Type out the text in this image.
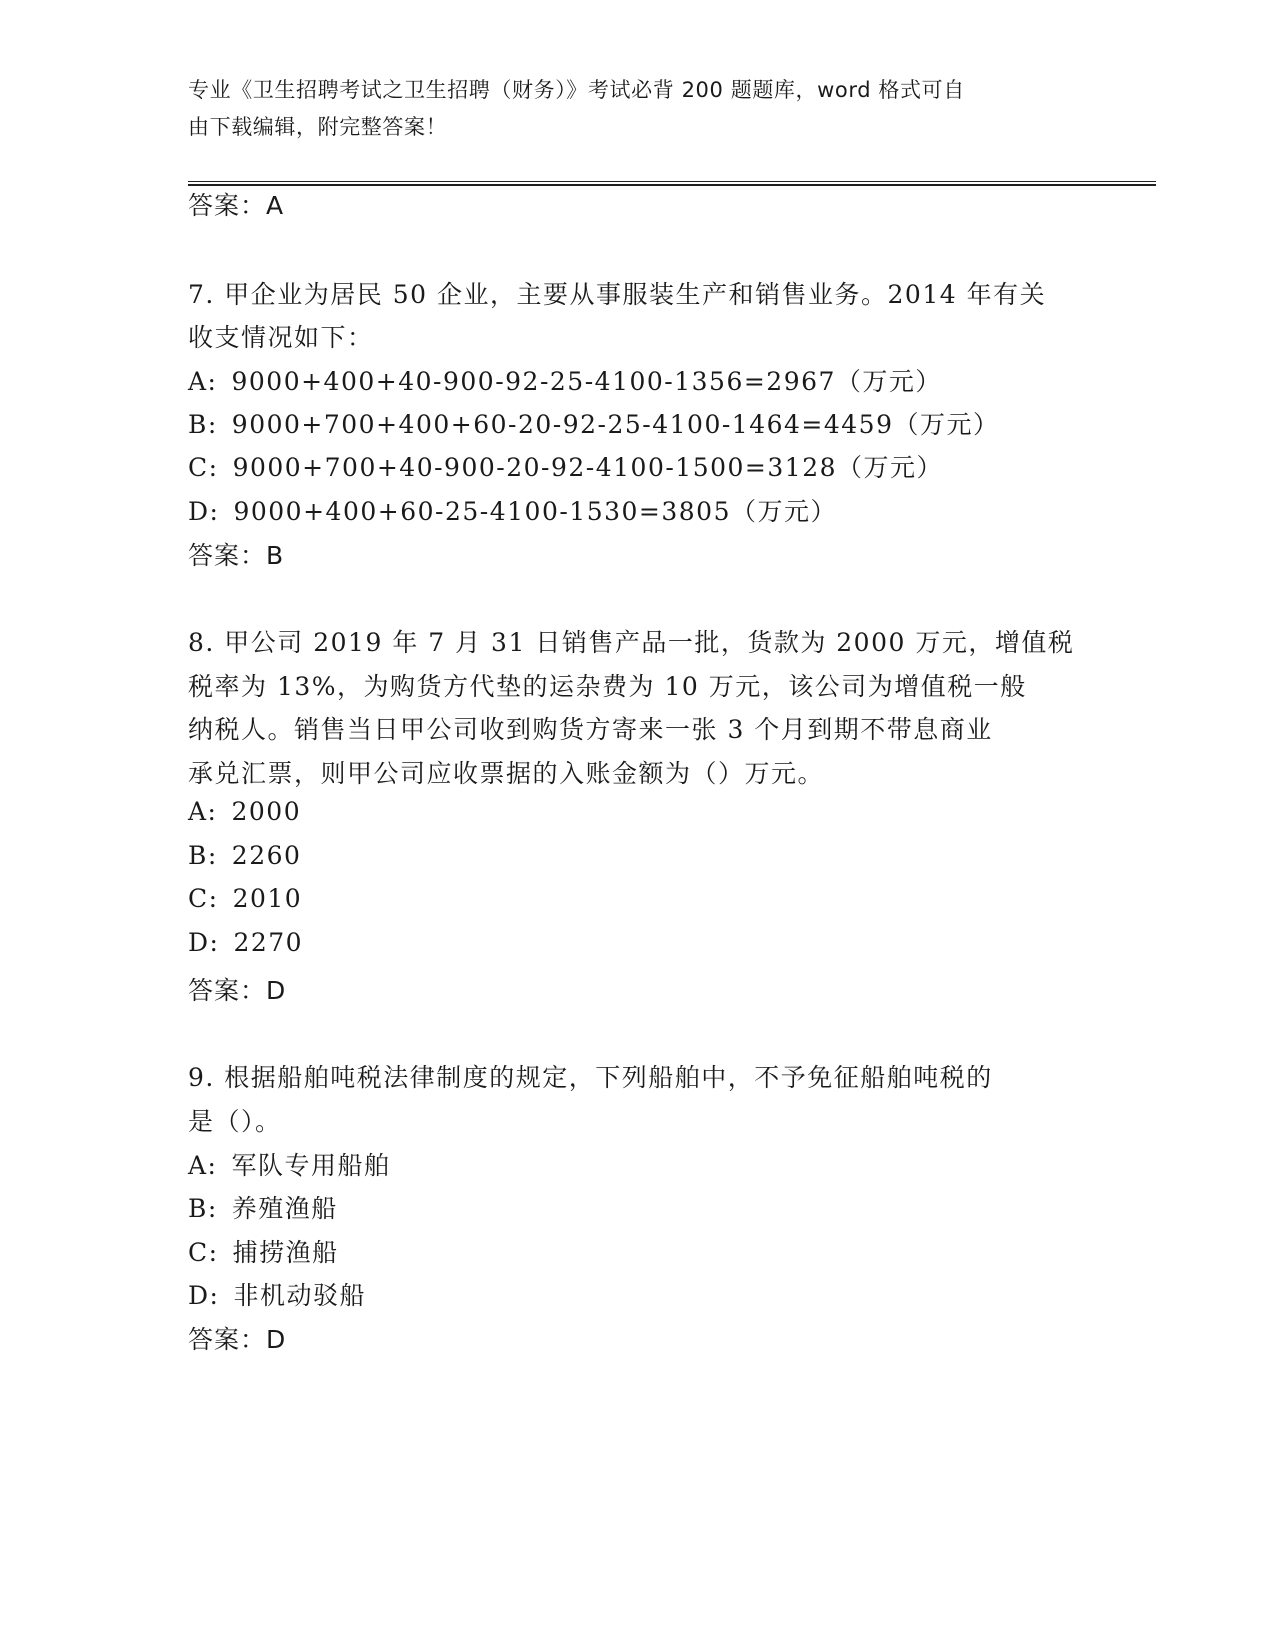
专业《卫生招聘考试之卫生招聘（财务）》考试必背 200 题题库，word 格式可自
由下载编辑，附完整答案！
答案：A
7. 甲企业为居民 50 企业，主要从事服装生产和销售业务。2014 年有关
收支情况如下：
A: 9000+400+40-900-92-25-4100-1356=2967（万元）
B: 9000+700+400+60-20-92-25-4100-1464=4459（万元）
C: 9000+700+40-900-20-92-4100-1500=3128（万元）
D: 9000+400+60-25-4100-1530=3805（万元）
答案：B
8. 甲公司 2019 年 7 月 31 日销售产品一批，货款为 2000 万元，增值税
税率为 13%，为购货方代垫的运杂费为 10 万元，该公司为增值税一般
纳税人。销售当日甲公司收到购货方寄来一张 3 个月到期不带息商业
承兑汇票，则甲公司应收票据的入账金额为（）万元。
A: 2000
B: 2260
C: 2010
D: 2270
答案：D
9. 根据船舶吨税法律制度的规定，下列船舶中，不予免征船舶吨税的
是（）。
A: 军队专用船舶
B: 养殖渔船
C: 捕捞渔船
D: 非机动驳船
答案：D
